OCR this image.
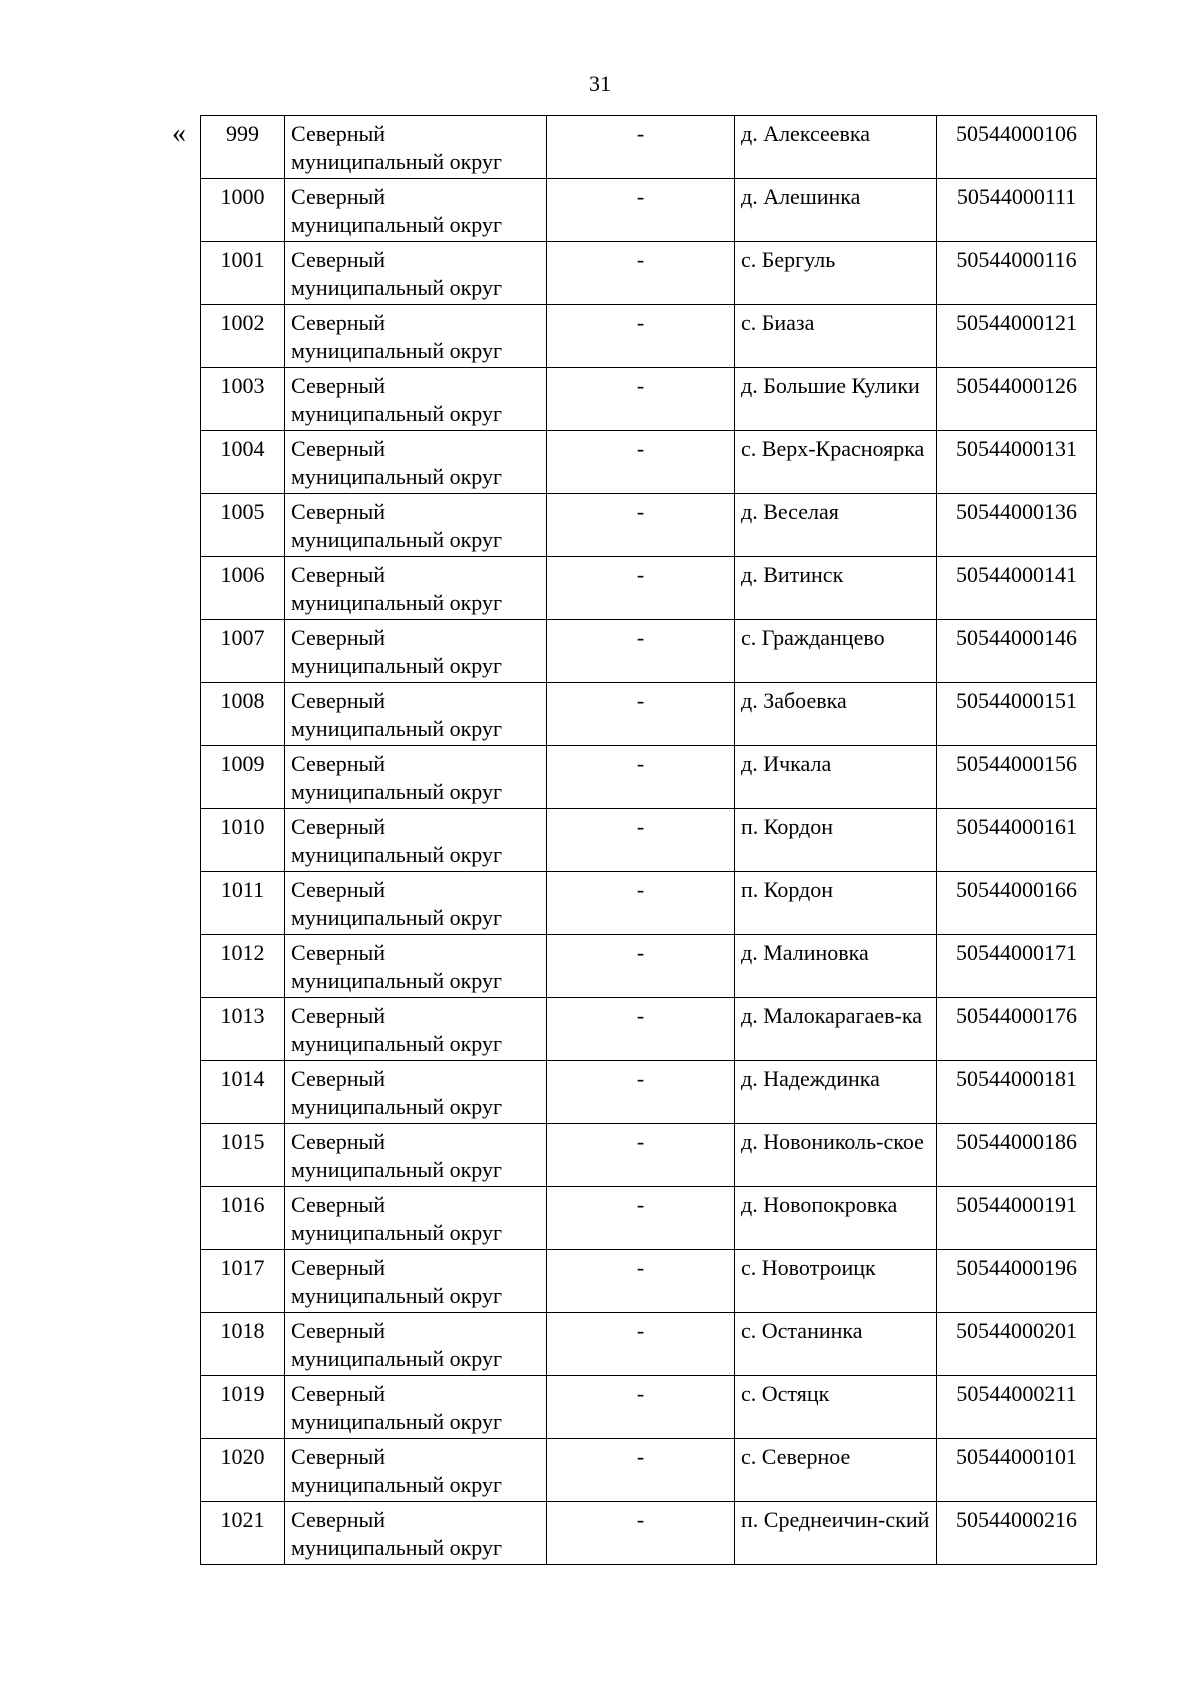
31
« 999	Северный муниципальный округ	-	д. Алексеевка	50544000106
1000	Северный муниципальный округ	-	д. Алешинка	50544000111
1001	Северный муниципальный округ	-	с. Бергуль	50544000116
1002	Северный муниципальный округ	-	с. Биаза	50544000121
1003	Северный муниципальный округ	-	д. Большие Кулики	50544000126
1004	Северный муниципальный округ	-	с. Верх-Красноярка	50544000131
1005	Северный муниципальный округ	-	д. Веселая	50544000136
1006	Северный муниципальный округ	-	д. Витинск	50544000141
1007	Северный муниципальный округ	-	с. Гражданцево	50544000146
1008	Северный муниципальный округ	-	д. Забоевка	50544000151
1009	Северный муниципальный округ	-	д. Ичкала	50544000156
1010	Северный муниципальный округ	-	п. Кордон	50544000161
1011	Северный муниципальный округ	-	п. Кордон	50544000166
1012	Северный муниципальный округ	-	д. Малиновка	50544000171
1013	Северный муниципальный округ	-	д. Малокарагаев-ка	50544000176
1014	Северный муниципальный округ	-	д. Надеждинка	50544000181
1015	Северный муниципальный округ	-	д. Новониколь-ское	50544000186
1016	Северный муниципальный округ	-	д. Новопокровка	50544000191
1017	Северный муниципальный округ	-	с. Новотроицк	50544000196
1018	Северный муниципальный округ	-	с. Останинка	50544000201
1019	Северный муниципальный округ	-	с. Остяцк	50544000211
1020	Северный муниципальный округ	-	с. Северное	50544000101
1021	Северный муниципальный округ	-	п. Среднеичин-ский	50544000216
